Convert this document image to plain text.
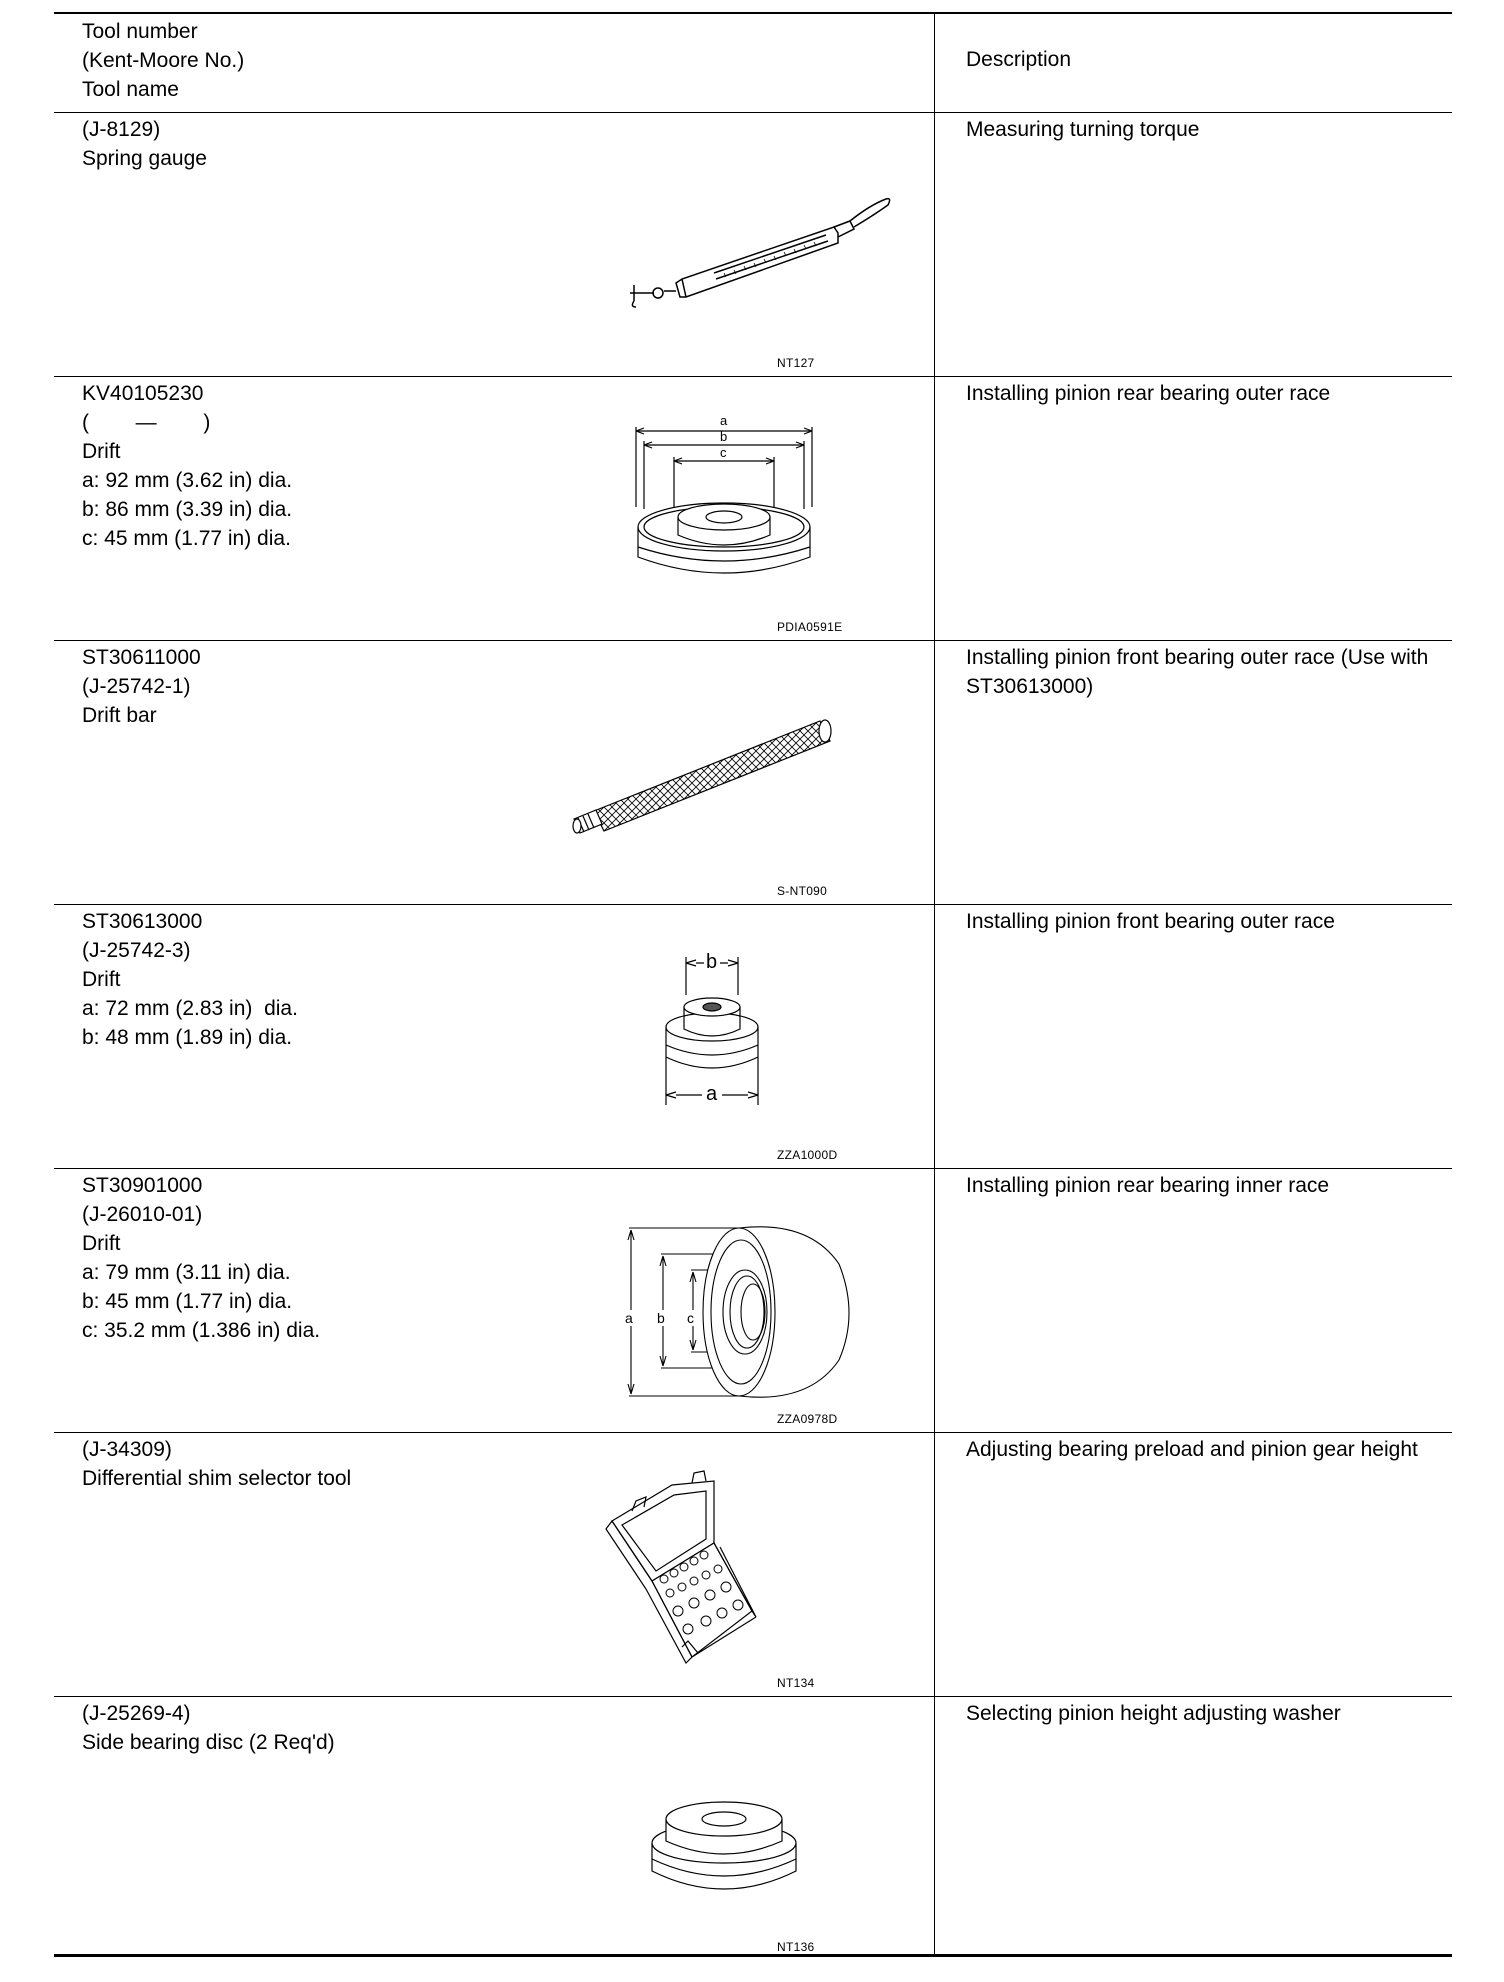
Tool number
(Kent-Moore No.)
Tool name
Description
(J-8129)
Spring gauge
Measuring turning torque
NT127
KV40105230
(        —        )
Drift
a: 92 mm (3.62 in) dia.
b: 86 mm (3.39 in) dia.
c: 45 mm (1.77 in) dia.
Installing pinion rear bearing outer race
a
b
c
PDIA0591E
ST30611000
(J-25742-1)
Drift bar
Installing pinion front bearing outer race (Use with ST30613000)
S-NT090
ST30613000
(J-25742-3)
Drift
a: 72 mm (2.83 in)  dia.
b: 48 mm (1.89 in) dia.
Installing pinion front bearing outer race
b
a
ZZA1000D
ST30901000
(J-26010-01)
Drift
a: 79 mm (3.11 in) dia.
b: 45 mm (1.77 in) dia.
c: 35.2 mm (1.386 in) dia.
Installing pinion rear bearing inner race
a b c
ZZA0978D
(J-34309)
Differential shim selector tool
Adjusting bearing preload and pinion gear height
NT134
(J-25269-4)
Side bearing disc (2 Req'd)
Selecting pinion height adjusting washer
NT136
